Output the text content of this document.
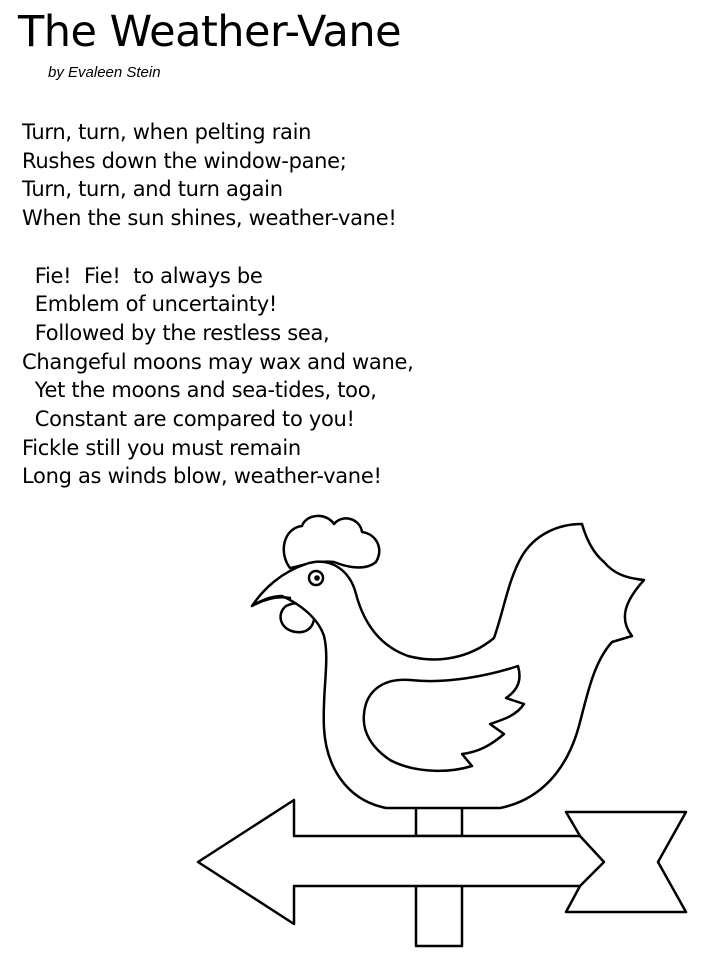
The Weather-Vane
by Evaleen Stein
Turn, turn, when pelting rain
Rushes down the window-pane;
Turn, turn, and turn again
When the sun shines, weather-vane!
Fie!  Fie!  to always be
Emblem of uncertainty!
Followed by the restless sea,
Changeful moons may wax and wane,
Yet the moons and sea-tides, too,
Constant are compared to you!
Fickle still you must remain
Long as winds blow, weather-vane!
